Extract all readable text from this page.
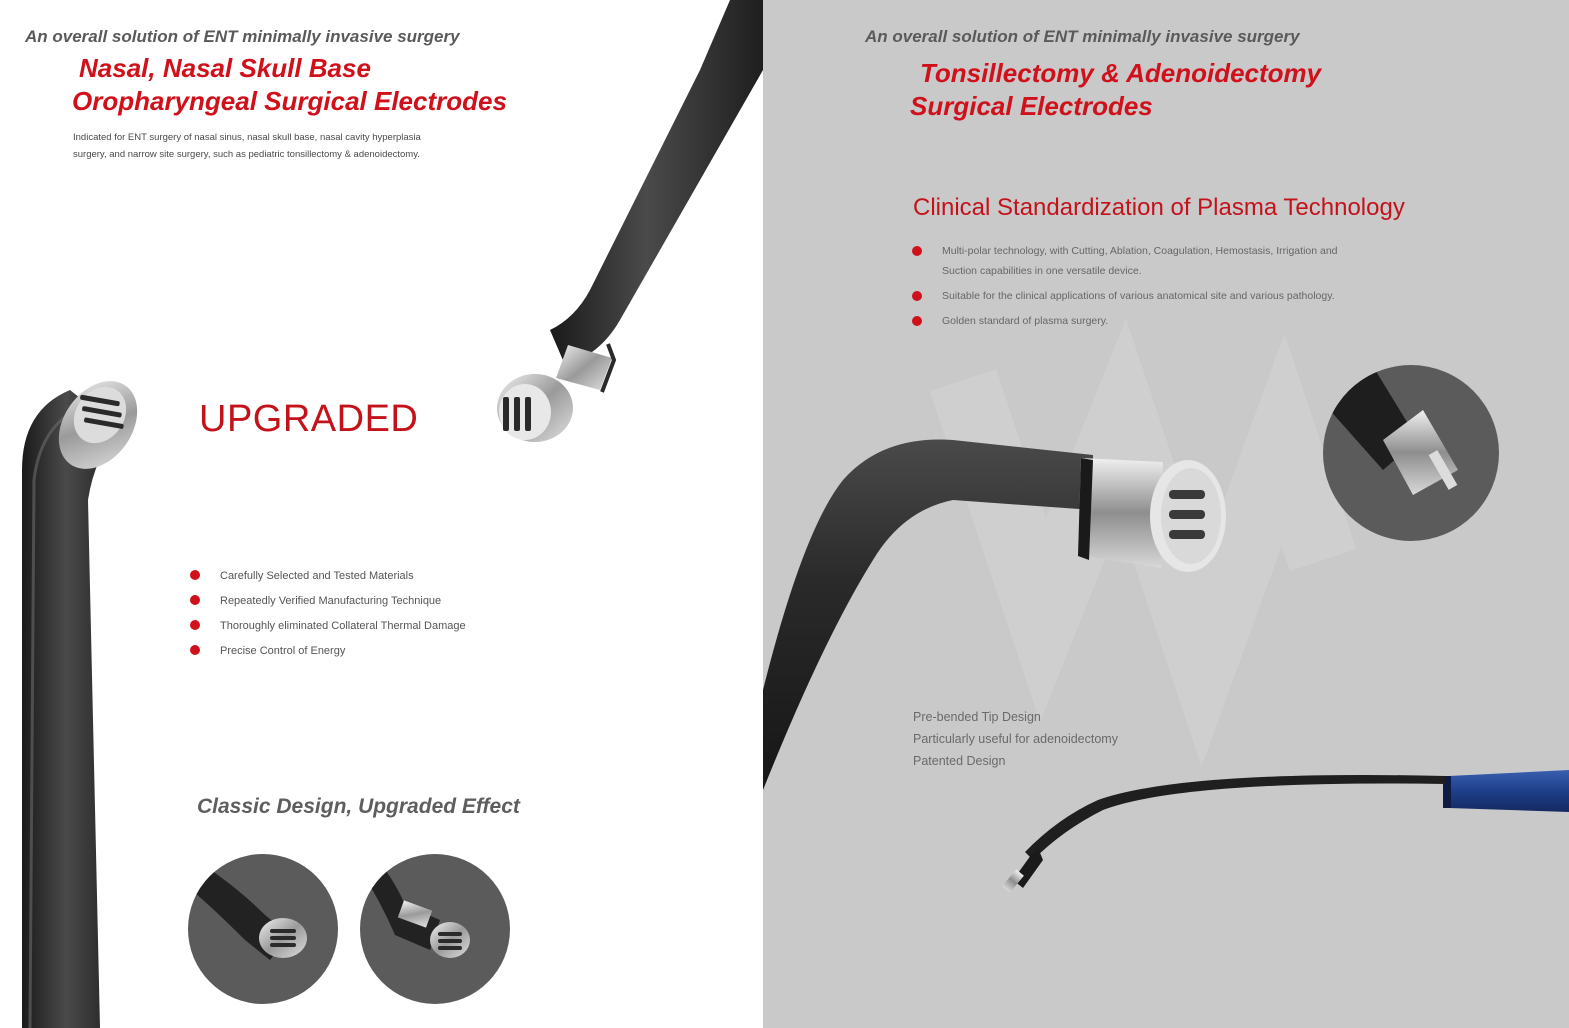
An overall solution of ENT minimally invasive surgery
Nasal, Nasal Skull Base
Oropharyngeal Surgical Electrodes
Indicated for ENT surgery of nasal sinus, nasal skull base, nasal cavity hyperplasia
surgery, and narrow site surgery, such as pediatric tonsillectomy & adenoidectomy.
UPGRADED
Carefully Selected and Tested Materials
Repeatedly Verified Manufacturing Technique
Thoroughly eliminated Collateral Thermal Damage
Precise Control of Energy
Classic Design, Upgraded Effect
An overall solution of ENT minimally invasive surgery
Tonsillectomy & Adenoidectomy
Surgical Electrodes
Clinical Standardization of Plasma Technology
Multi-polar technology, with Cutting, Ablation, Coagulation, Hemostasis, Irrigation and
Suction capabilities in one versatile device.
Suitable for the clinical applications of various anatomical site and various pathology.
Golden standard of plasma surgery.
Pre-bended Tip Design
Particularly useful for adenoidectomy
Patented Design
